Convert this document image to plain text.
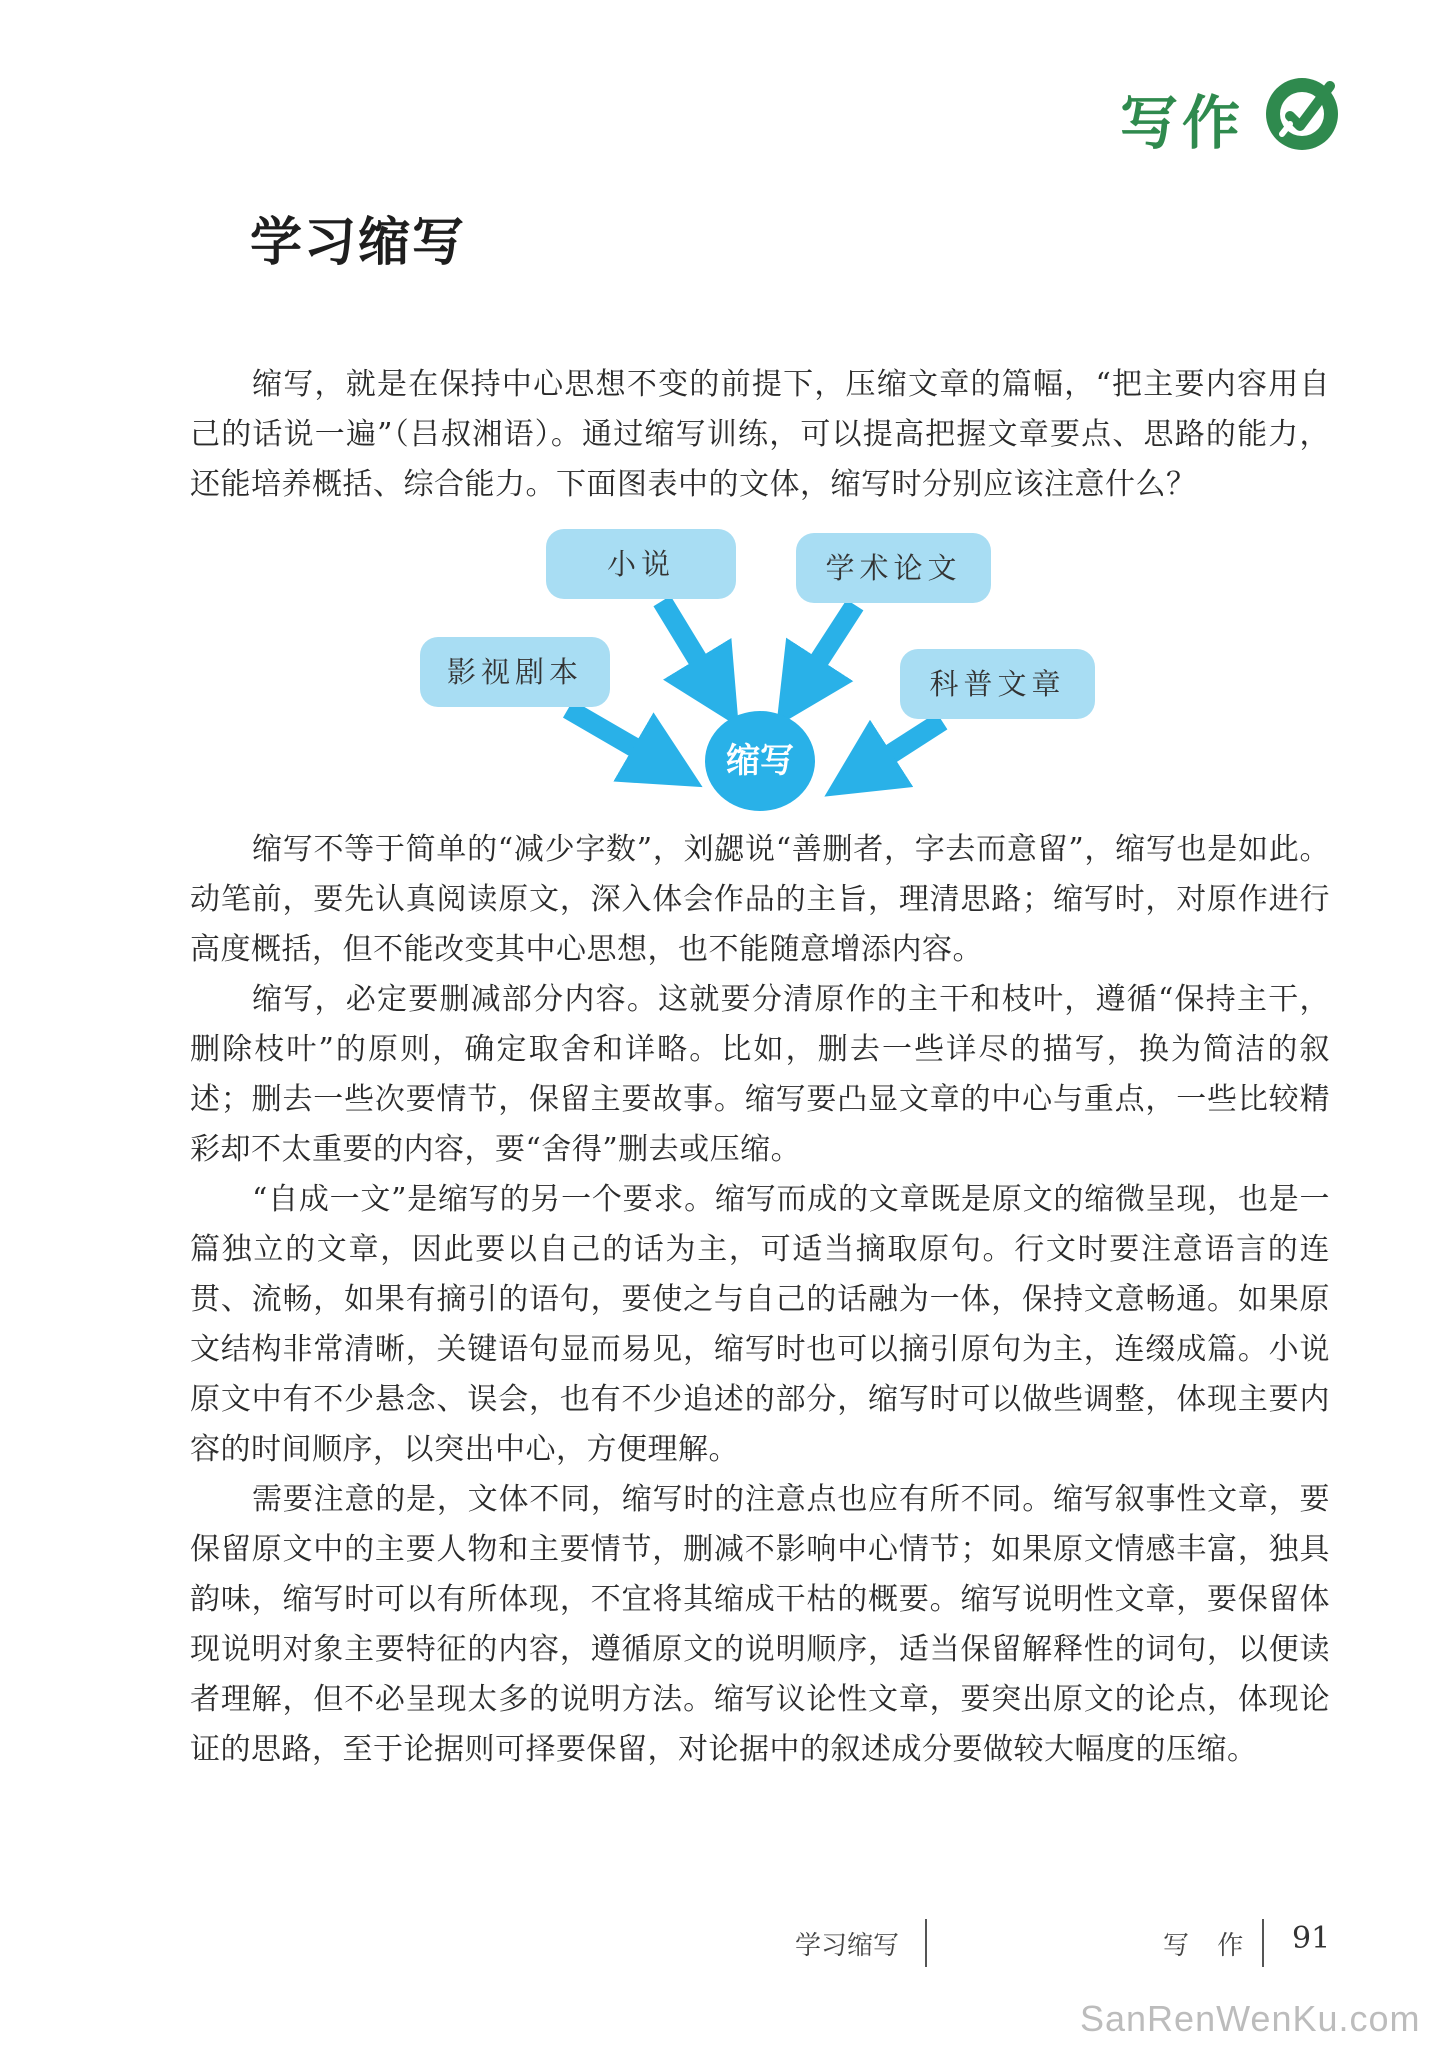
写作
学习缩写

缩写，就是在保持中心思想不变的前提下，压缩文章的篇幅，“把主要内容用自己的话说一遍”（吕叔湘语）。通过缩写训练，可以提高把握文章要点、思路的能力，还能培养概括、综合能力。下面图表中的文体，缩写时分别应该注意什么？

小说	学术论文
影视剧本	科普文章
缩写

缩写不等于简单的“减少字数”，刘勰说“善删者，字去而意留”，缩写也是如此。动笔前，要先认真阅读原文，深入体会作品的主旨，理清思路；缩写时，对原作进行高度概括，但不能改变其中心思想，也不能随意增添内容。

缩写，必定要删减部分内容。这就要分清原作的主干和枝叶，遵循“保持主干，删除枝叶”的原则，确定取舍和详略。比如，删去一些详尽的描写，换为简洁的叙述；删去一些次要情节，保留主要故事。缩写要凸显文章的中心与重点，一些比较精彩却不太重要的内容，要“舍得”删去或压缩。

“自成一文”是缩写的另一个要求。缩写而成的文章既是原文的缩微呈现，也是一篇独立的文章，因此要以自己的话为主，可适当摘取原句。行文时要注意语言的连贯、流畅，如果有摘引的语句，要使之与自己的话融为一体，保持文意畅通。如果原文结构非常清晰，关键语句显而易见，缩写时也可以摘引原句为主，连缀成篇。小说原文中有不少悬念、误会，也有不少追述的部分，缩写时可以做些调整，体现主要内容的时间顺序，以突出中心，方便理解。

需要注意的是，文体不同，缩写时的注意点也应有所不同。缩写叙事性文章，要保留原文中的主要人物和主要情节，删减不影响中心情节；如果原文情感丰富，独具韵味，缩写时可以有所体现，不宜将其缩成干枯的概要。缩写说明性文章，要保留体现说明对象主要特征的内容，遵循原文的说明顺序，适当保留解释性的词句，以便读者理解，但不必呈现太多的说明方法。缩写议论性文章，要突出原文的论点，体现论证的思路，至于论据则可择要保留，对论据中的叙述成分要做较大幅度的压缩。

学习缩写	写 作 91
SanRenWenKu.com
